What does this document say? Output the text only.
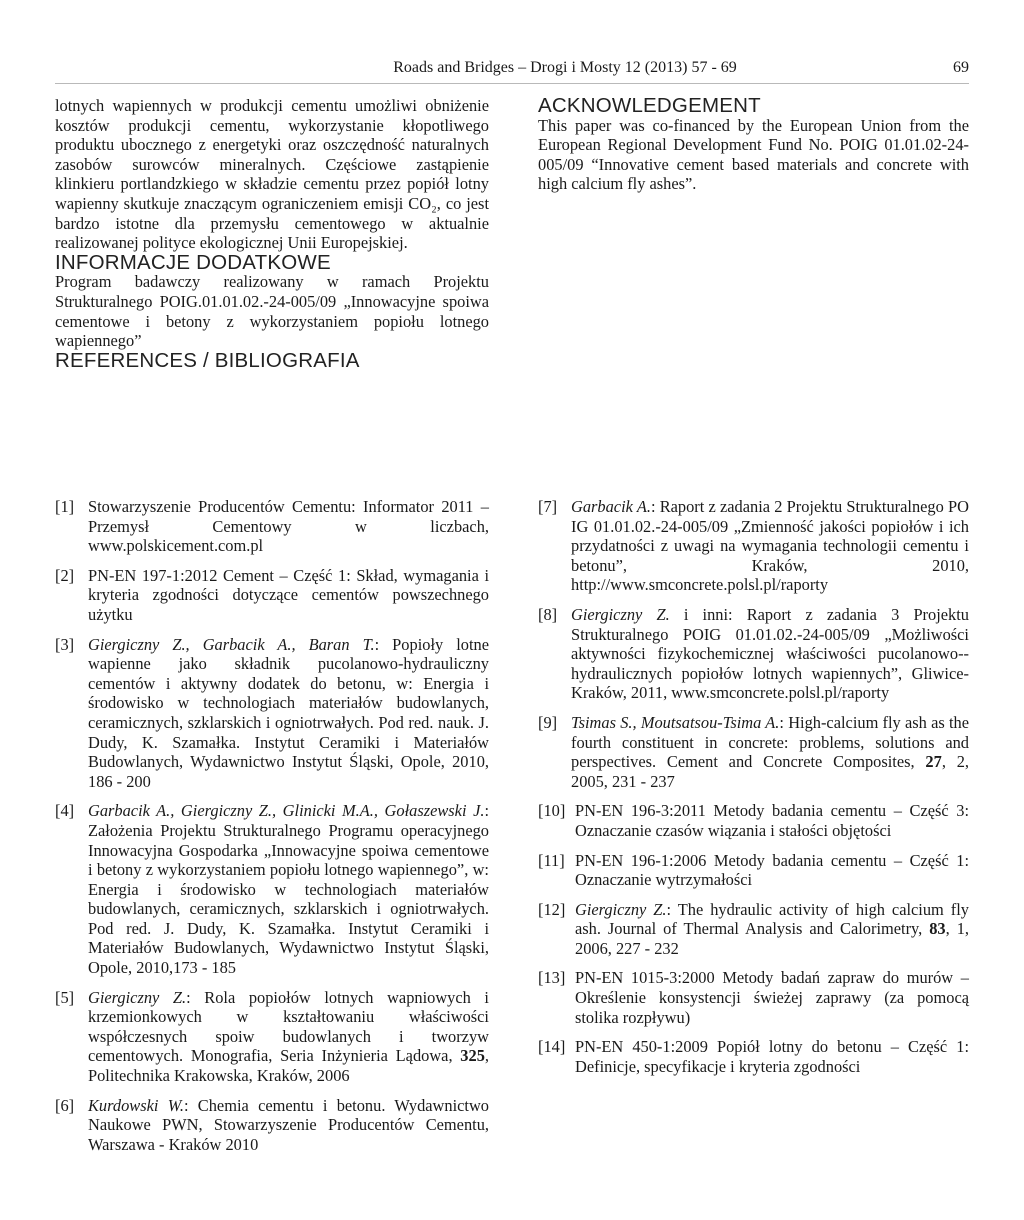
Roads and Bridges – Drogi i Mosty 12 (2013) 57 - 69	69

lotnych wapiennych w produkcji cementu umożliwi obniżenie kosztów produkcji cementu, wykorzystanie kłopotliwego produktu ubocznego z energetyki oraz oszczędność naturalnych zasobów surowców mineralnych. Częściowe zastąpienie klinkieru portlandzkiego w składzie cementu przez popiół lotny wapienny skutkuje znaczącym ograniczeniem emisji CO₂, co jest bardzo istotne dla przemysłu cementowego w aktualnie realizowanej polityce ekologicznej Unii Europejskiej.

INFORMACJE DODATKOWE

Program badawczy realizowany w ramach Projektu Strukturalnego POIG.01.01.02.-24-005/09 „Innowacyjne spoiwa cementowe i betony z wykorzystaniem popiołu lotnego wapiennego”

REFERENCES / BIBLIOGRAFIA
ACKNOWLEDGEMENT

This paper was co-financed by the European Union from the European Regional Development Fund No. POIG 01.01.02-24-005/09 “Innovative cement based materials and concrete with high calcium fly ashes”.

[1] Stowarzyszenie Producentów Cementu: Informator 2011 – Przemysł Cementowy w liczbach, www.polskicement.com.pl
[2] PN-EN 197-1:2012 Cement – Część 1: Skład, wymagania i kryteria zgodności dotyczące cementów powszechnego użytku
[3] Giergiczny Z., Garbacik A., Baran T.: Popioły lotne wapienne jako składnik pucolanowo-hydrauliczny cementów i aktywny dodatek do betonu, w: Energia i środowisko w technologiach materiałów budowlanych, ceramicznych, szklarskich i ogniotrwałych. Pod red. nauk. J. Dudy, K. Szamałka. Instytut Ceramiki i Materiałów Budowlanych, Wydawnictwo Instytut Śląski, Opole, 2010, 186 - 200
[4] Garbacik A., Giergiczny Z., Glinicki M.A., Gołaszewski J.: Założenia Projektu Strukturalnego Programu operacyjnego Innowacyjna Gospodarka „Innowacyjne spoiwa cementowe i betony z wykorzystaniem popiołu lotnego wapiennego”, w: Energia i środowisko w technologiach materiałów budowlanych, ceramicznych, szklarskich i ogniotrwałych. Pod red. J. Dudy, K. Szamałka. Instytut Ceramiki i Materiałów Budowlanych, Wydawnictwo Instytut Śląski, Opole, 2010,173 - 185
[5] Giergiczny Z.: Rola popiołów lotnych wapniowych i krzemionkowych w kształtowaniu właściwości współczesnych spoiw budowlanych i tworzyw cementowych. Monografia, Seria Inżynieria Lądowa, 325, Politechnika Krakowska, Kraków, 2006
[6] Kurdowski W.: Chemia cementu i betonu. Wydawnictwo Naukowe PWN, Stowarzyszenie Producentów Cementu, Warszawa - Kraków 2010
[7] Garbacik A.: Raport z zadania 2 Projektu Strukturalnego PO IG 01.01.02.-24-005/09 „Zmienność jakości popiołów i ich przydatności z uwagi na wymagania technologii cementu i betonu”, Kraków, 2010, http://www.smconcrete.polsl.pl/raporty
[8] Giergiczny Z. i inni: Raport z zadania 3 Projektu Strukturalnego POIG 01.01.02.-24-005/09 „Możliwości aktywności fizykochemicznej właściwości pucolanowo--hydraulicznych popiołów lotnych wapiennych”, Gliwice-Kraków, 2011, www.smconcrete.polsl.pl/raporty
[9] Tsimas S., Moutsatsou-Tsima A.: High-calcium fly ash as the fourth constituent in concrete: problems, solutions and perspectives. Cement and Concrete Composites, 27, 2, 2005, 231 - 237
[10] PN-EN 196-3:2011 Metody badania cementu – Część 3: Oznaczanie czasów wiązania i stałości objętości
[11] PN-EN 196-1:2006 Metody badania cementu – Część 1: Oznaczanie wytrzymałości
[12] Giergiczny Z.: The hydraulic activity of high calcium fly ash. Journal of Thermal Analysis and Calorimetry, 83, 1, 2006, 227 - 232
[13] PN-EN 1015-3:2000 Metody badań zapraw do murów – Określenie konsystencji świeżej zaprawy (za pomocą stolika rozpływu)
[14] PN-EN 450-1:2009 Popiół lotny do betonu – Część 1: Definicje, specyfikacje i kryteria zgodności
